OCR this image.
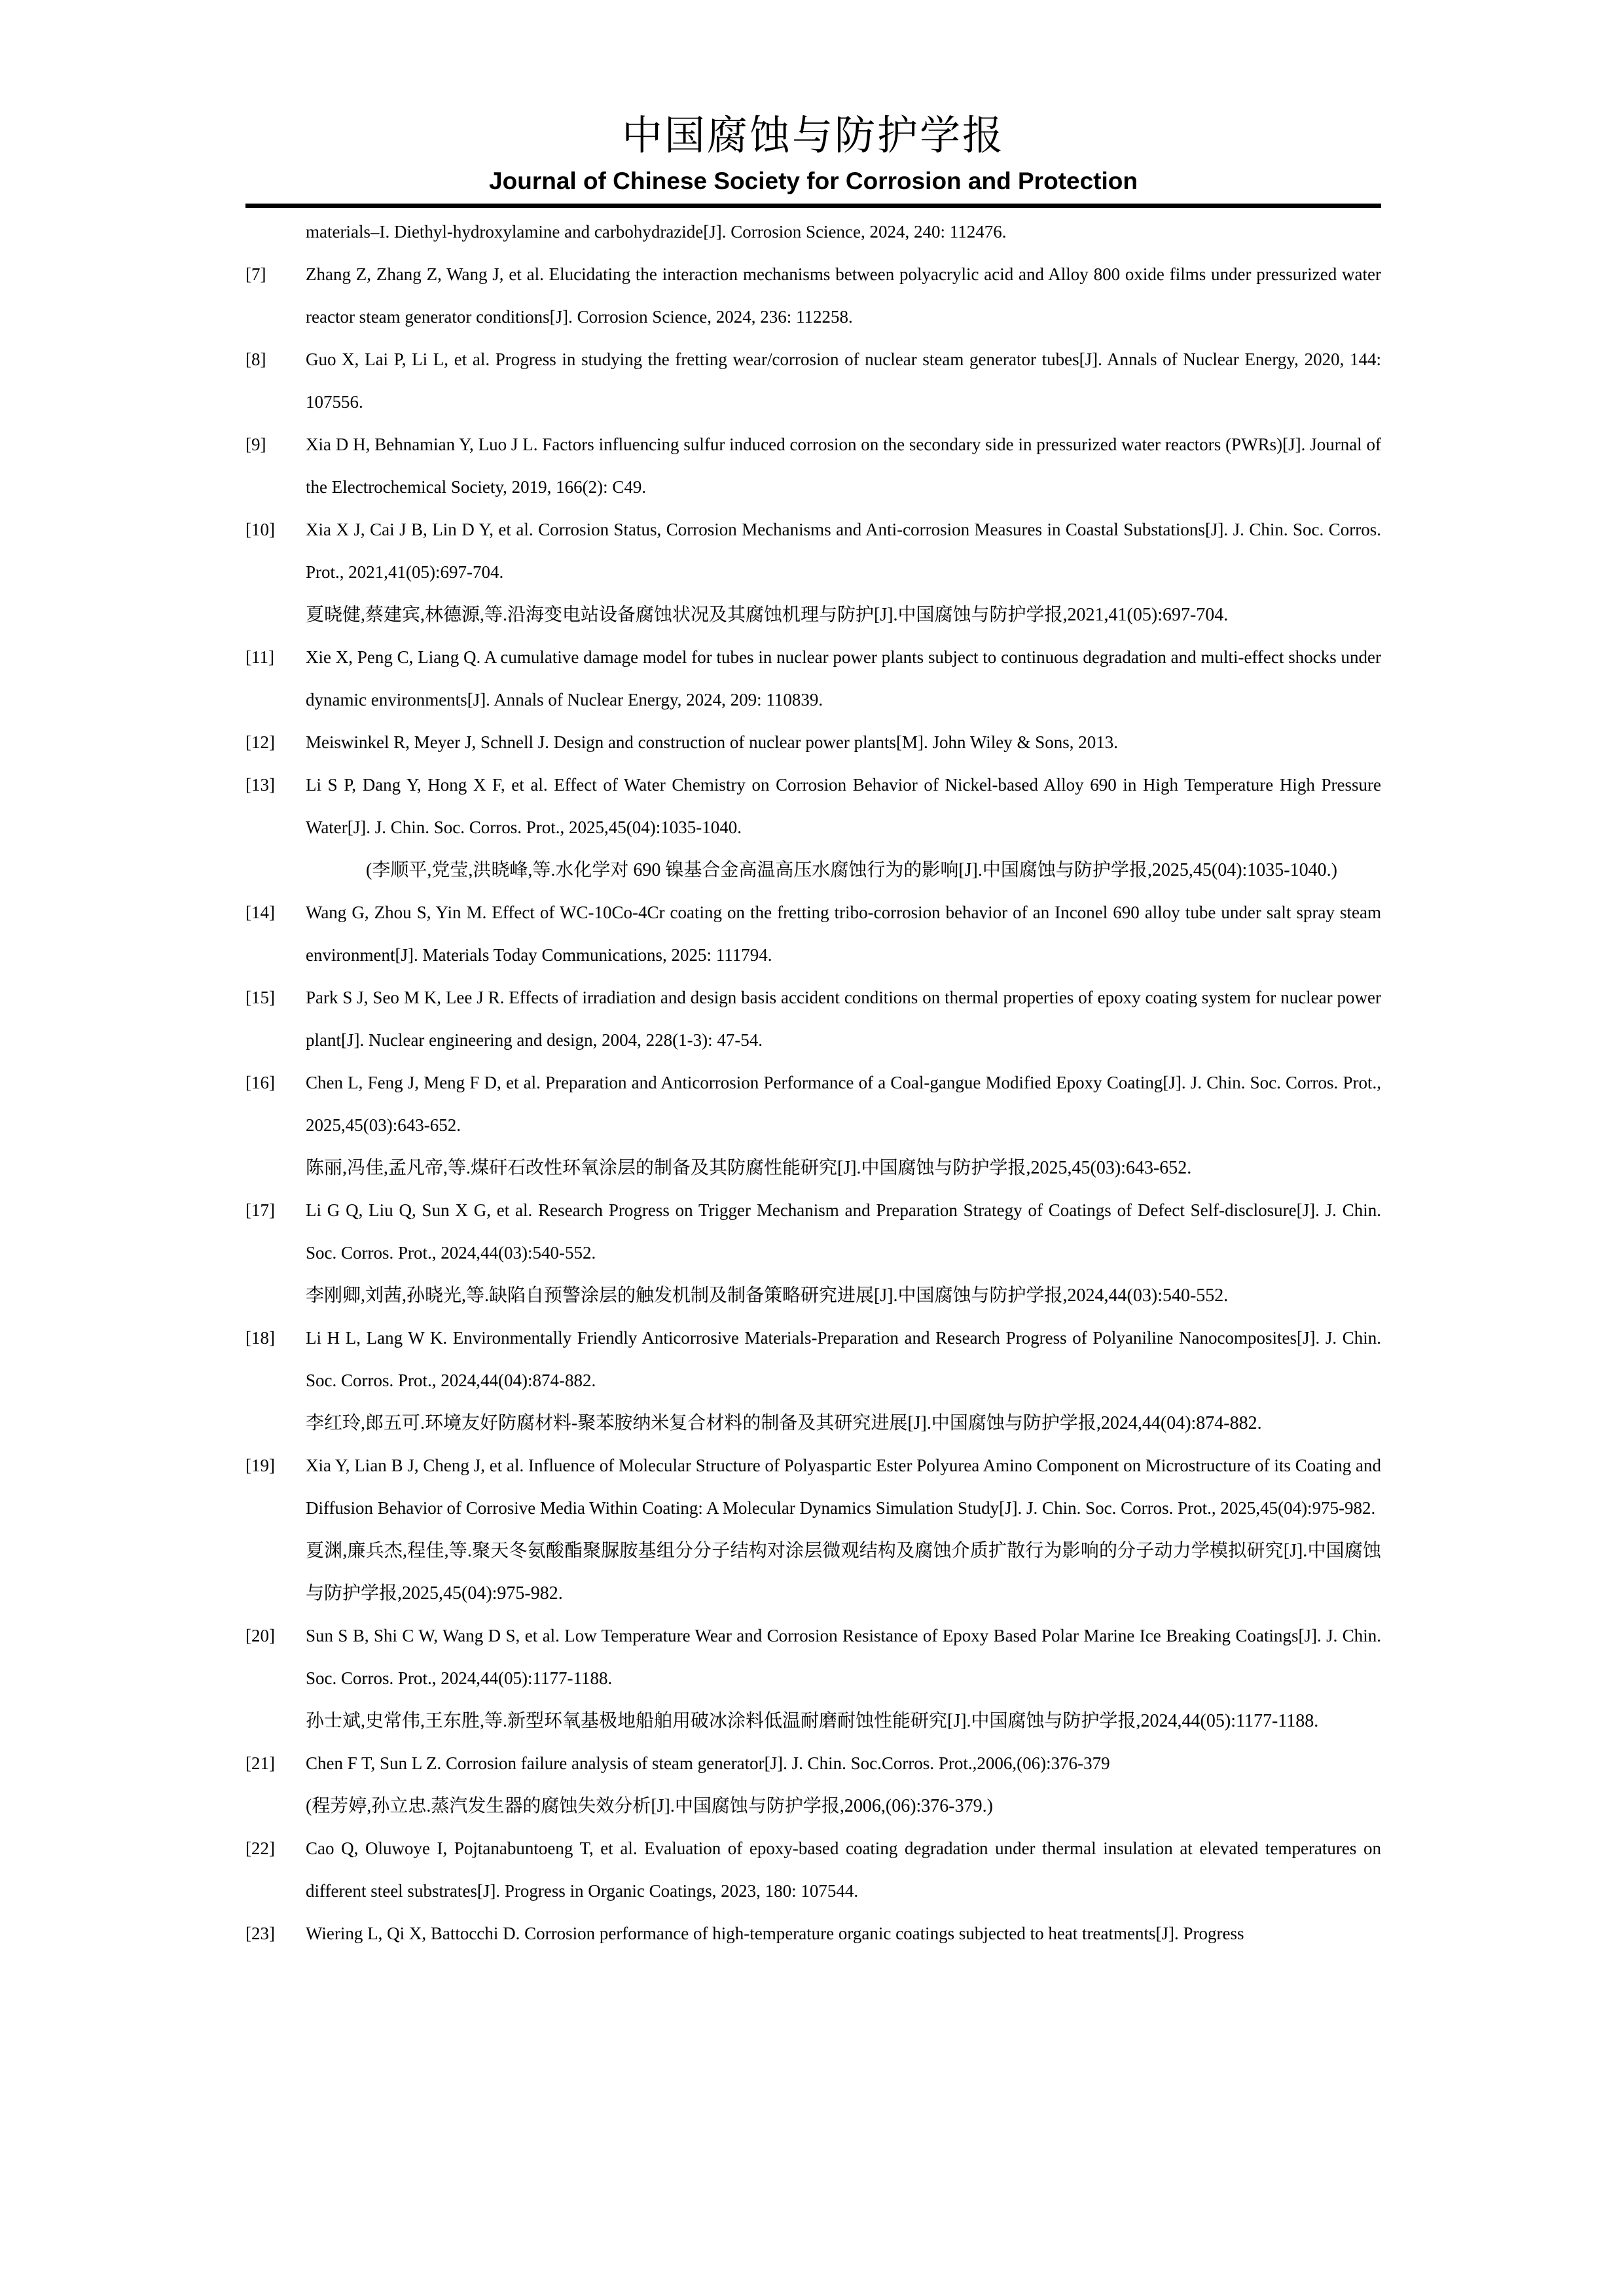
中国腐蚀与防护学报
Journal of Chinese Society for Corrosion and Protection

materials–I. Diethyl-hydroxylamine and carbohydrazide[J]. Corrosion Science, 2024, 240: 112476.

[7]	Zhang Z, Zhang Z, Wang J, et al. Elucidating the interaction mechanisms between polyacrylic acid and Alloy 800 oxide films under pressurized water reactor steam generator conditions[J]. Corrosion Science, 2024, 236: 112258.

[8]	Guo X, Lai P, Li L, et al. Progress in studying the fretting wear/corrosion of nuclear steam generator tubes[J]. Annals of Nuclear Energy, 2020, 144: 107556.

[9]	Xia D H, Behnamian Y, Luo J L. Factors influencing sulfur induced corrosion on the secondary side in pressurized water reactors (PWRs)[J]. Journal of the Electrochemical Society, 2019, 166(2): C49.

[10]	Xia X J, Cai J B, Lin D Y, et al. Corrosion Status, Corrosion Mechanisms and Anti-corrosion Measures in Coastal Substations[J]. J. Chin. Soc. Corros. Prot., 2021,41(05):697-704.

夏晓健,蔡建宾,林德源,等.沿海变电站设备腐蚀状况及其腐蚀机理与防护[J].中国腐蚀与防护学报,2021,41(05):697-704.

[11]	Xie X, Peng C, Liang Q. A cumulative damage model for tubes in nuclear power plants subject to continuous degradation and multi-effect shocks under dynamic environments[J]. Annals of Nuclear Energy, 2024, 209: 110839.

[12]	Meiswinkel R, Meyer J, Schnell J. Design and construction of nuclear power plants[M]. John Wiley & Sons, 2013.

[13]	Li S P, Dang Y, Hong X F, et al. Effect of Water Chemistry on Corrosion Behavior of Nickel-based Alloy 690 in High Temperature High Pressure Water[J]. J. Chin. Soc. Corros. Prot., 2025,45(04):1035-1040.

(李顺平,党莹,洪晓峰,等.水化学对 690 镍基合金高温高压水腐蚀行为的影响[J].中国腐蚀与防护学报,2025,45(04):1035-1040.)

[14]	Wang G, Zhou S, Yin M. Effect of WC-10Co-4Cr coating on the fretting tribo-corrosion behavior of an Inconel 690 alloy tube under salt spray steam environment[J]. Materials Today Communications, 2025: 111794.

[15]	Park S J, Seo M K, Lee J R. Effects of irradiation and design basis accident conditions on thermal properties of epoxy coating system for nuclear power plant[J]. Nuclear engineering and design, 2004, 228(1-3): 47-54.

[16]	Chen L, Feng J, Meng F D, et al. Preparation and Anticorrosion Performance of a Coal-gangue Modified Epoxy Coating[J]. J. Chin. Soc. Corros. Prot., 2025,45(03):643-652.

陈丽,冯佳,孟凡帝,等.煤矸石改性环氧涂层的制备及其防腐性能研究[J].中国腐蚀与防护学报,2025,45(03):643-652.

[17]	Li G Q, Liu Q, Sun X G, et al. Research Progress on Trigger Mechanism and Preparation Strategy of Coatings of Defect Self-disclosure[J]. J. Chin. Soc. Corros. Prot., 2024,44(03):540-552.

李刚卿,刘茜,孙晓光,等.缺陷自预警涂层的触发机制及制备策略研究进展[J].中国腐蚀与防护学报,2024,44(03):540-552.

[18]	Li H L, Lang W K. Environmentally Friendly Anticorrosive Materials-Preparation and Research Progress of Polyaniline Nanocomposites[J]. J. Chin. Soc. Corros. Prot., 2024,44(04):874-882.

李红玲,郎五可.环境友好防腐材料-聚苯胺纳米复合材料的制备及其研究进展[J].中国腐蚀与防护学报,2024,44(04):874-882.

[19]	Xia Y, Lian B J, Cheng J, et al. Influence of Molecular Structure of Polyaspartic Ester Polyurea Amino Component on Microstructure of its Coating and Diffusion Behavior of Corrosive Media Within Coating: A Molecular Dynamics Simulation Study[J]. J. Chin. Soc. Corros. Prot., 2025,45(04):975-982.

夏渊,廉兵杰,程佳,等.聚天冬氨酸酯聚脲胺基组分分子结构对涂层微观结构及腐蚀介质扩散行为影响的分子动力学模拟研究[J].中国腐蚀与防护学报,2025,45(04):975-982.

[20]	Sun S B, Shi C W, Wang D S, et al. Low Temperature Wear and Corrosion Resistance of Epoxy Based Polar Marine Ice Breaking Coatings[J]. J. Chin. Soc. Corros. Prot., 2024,44(05):1177-1188.

孙士斌,史常伟,王东胜,等.新型环氧基极地船舶用破冰涂料低温耐磨耐蚀性能研究[J].中国腐蚀与防护学报,2024,44(05):1177-1188.

[21]	Chen F T, Sun L Z. Corrosion failure analysis of steam generator[J]. J. Chin. Soc.Corros. Prot.,2006,(06):376-379

(程芳婷,孙立忠.蒸汽发生器的腐蚀失效分析[J].中国腐蚀与防护学报,2006,(06):376-379.)

[22]	Cao Q, Oluwoye I, Pojtanabuntoeng T, et al. Evaluation of epoxy-based coating degradation under thermal insulation at elevated temperatures on different steel substrates[J]. Progress in Organic Coatings, 2023, 180: 107544.

[23]	Wiering L, Qi X, Battocchi D. Corrosion performance of high-temperature organic coatings subjected to heat treatments[J]. Progress
